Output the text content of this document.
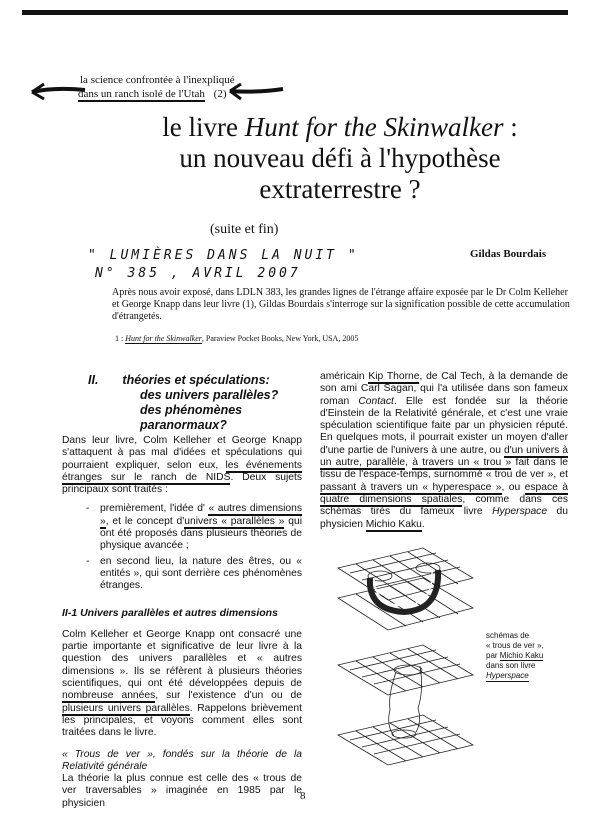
la science confrontée à l'inexpliqué
dans un ranch isolé de l'Utah (2)
le livre Hunt for the Skinwalker :
un nouveau défi à l'hypothèse
extraterrestre ?
(suite et fin)
Gildas Bourdais
" LUMIÈRES DANS LA NUIT "
N° 385 , AVRIL 2007
Après nous avoir exposé, dans LDLN 383, les grandes lignes de l'étrange affaire exposée par le Dr Colm Kelleher et George Knapp dans leur livre (1), Gildas Bourdais s'interroge sur la signification possible de cette accumulation d'étrangetés.
1 : Hunt for the Skinwalker, Paraview Pocket Books, New York, USA, 2005
II. théories et spéculations:
des univers parallèles?
des phénomènes paranormaux?

Dans leur livre, Colm Kelleher et George Knapp s'attaquent à pas mal d'idées et spéculations qui pourraient expliquer, selon eux, les événements étranges sur le ranch de NIDS. Deux sujets principaux sont traités :

- premièrement, l'idée d' « autres dimensions », et le concept d'univers « parallèles » qui ont été proposés dans plusieurs théories de physique avancée ;
- en second lieu, la nature des êtres, ou « entités », qui sont derrière ces phénomènes étranges.
II-1 Univers parallèles et autres dimensions

Colm Kelleher et George Knapp ont consacré une partie importante et significative de leur livre à la question des univers parallèles et « autres dimensions ». Ils se réfèrent à plusieurs théories scientifiques, qui ont été développées depuis de nombreuse années, sur l'existence d'un ou de plusieurs univers parallèles. Rappelons brièvement les principales, et voyons comment elles sont traitées dans le livre.

« Trous de ver », fondés sur la théorie de la Relativité générale
La théorie la plus connue est celle des « trous de ver traversables » imaginée en 1985 par le physicien

américain Kip Thorne, de Cal Tech, à la demande de son ami Carl Sagan, qui l'a utilisée dans son fameux roman Contact. Elle est fondée sur la théorie d'Einstein de la Relativité générale, et c'est une vraie spéculation scientifique faite par un physicien réputé. En quelques mots, il pourrait exister un moyen d'aller d'une partie de l'univers à une autre, ou d'un univers à un autre, parallèle, à travers un « trou » fait dans le tissu de l'espace-temps, surnommé « trou de ver », et passant à travers un « hyperespace », ou espace à quatre dimensions spatiales, comme dans ces schémas tirés du fameux livre Hyperspace du physicien Michio Kaku.

schémas de
« trous de ver »,
par Michio Kaku
dans son livre
Hyperspace
8
